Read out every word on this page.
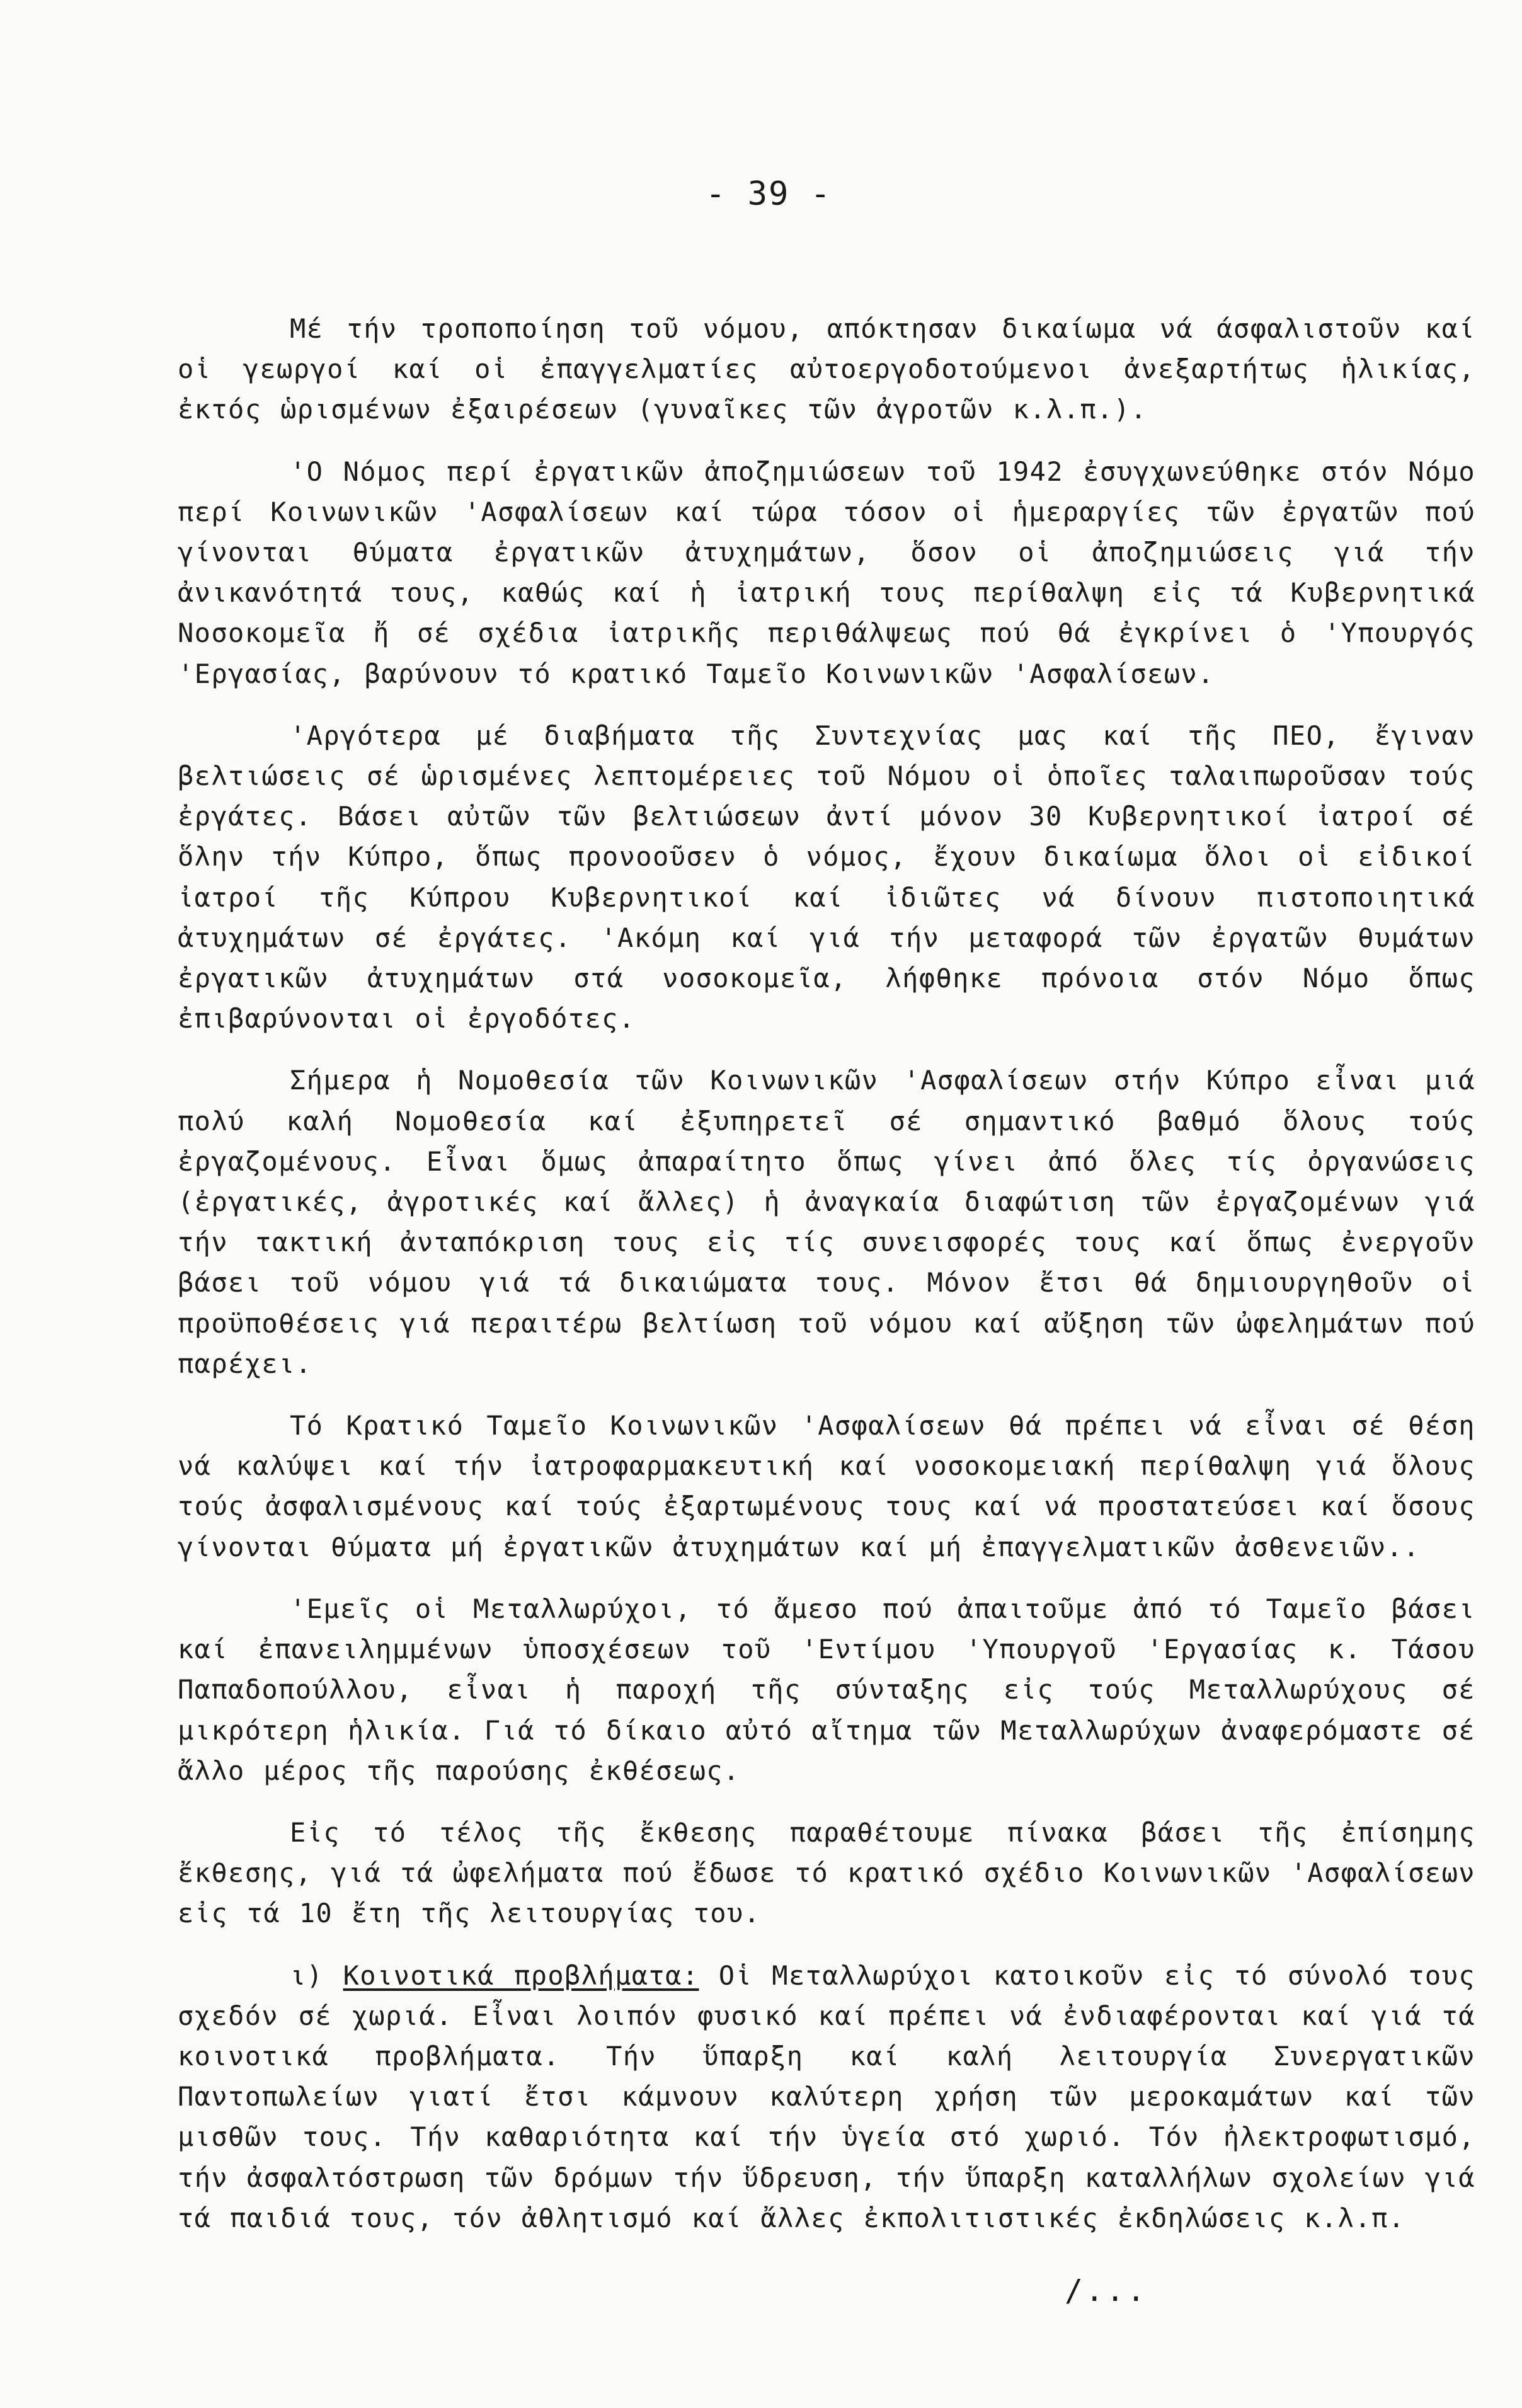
- 39 -

Μέ τήν τροποποίηση τοῦ νόμου, απόκτησαν δικαίωμα νά άσφαλιστοῦν καί οἱ γεωργοί καί οἱ ἐπαγγελματίες αὐτοεργοδοτούμενοι ἀνεξαρτήτως ἡλικίας, ἐκτός ὡρισμένων ἐξαιρέσεων (γυναῖκες τῶν ἀγροτῶν κ.λ.π.).

'Ο Νόμος περί ἐργατικῶν ἀποζημιώσεων τοῦ 1942 ἐσυγχωνεύθηκε στόν Νόμο περί Κοινωνικῶν 'Ασφαλίσεων καί τώρα τόσον οἱ ἡμεραργίες τῶν ἐργατῶν πού γίνονται θύματα ἐργατικῶν ἀτυχημάτων, ὅσον οἱ ἀποζημιώσεις γιά τήν ἀνικανότητά τους, καθώς καί ἡ ἰατρική τους περίθαλψη εἰς τά Κυβερνητικά Νοσοκομεῖα ἤ σέ σχέδια ἰατρικῆς περιθάλψεως πού θά ἐγκρίνει ὁ 'Υπουργός 'Εργασίας, βαρύνουν τό κρατικό Ταμεῖο Κοινωνικῶν 'Ασφαλίσεων.

'Αργότερα μέ διαβήματα τῆς Συντεχνίας μας καί τῆς ΠΕΟ, ἔγιναν βελτιώσεις σέ ὡρισμένες λεπτομέρειες τοῦ Νόμου οἱ ὁποῖες ταλαιπωροῦσαν τούς ἐργάτες. Βάσει αὐτῶν τῶν βελτιώσεων ἀντί μόνον 30 Κυβερνητικοί ἰατροί σέ ὅλην τήν Κύπρο, ὅπως προνοοῦσεν ὁ νόμος, ἔχουν δικαίωμα ὅλοι οἱ εἰδικοί ἰατροί τῆς Κύπρου Κυβερνητικοί καί ἰδιῶτες νά δίνουν πιστοποιητικά ἀτυχημάτων σέ ἐργάτες. 'Ακόμη καί γιά τήν μεταφορά τῶν ἐργατῶν θυμάτων ἐργατικῶν ἀτυχημάτων στά νοσοκομεῖα, λήφθηκε πρόνοια στόν Νόμο ὅπως ἐπιβαρύνονται οἱ ἐργοδότες.

Σήμερα ἡ Νομοθεσία τῶν Κοινωνικῶν 'Ασφαλίσεων στήν Κύπρο εἶναι μιά πολύ καλή Νομοθεσία καί ἐξυπηρετεῖ σέ σημαντικό βαθμό ὅλους τούς ἐργαζομένους. Εἶναι ὅμως ἀπαραίτητο ὅπως γίνει ἀπό ὅλες τίς ὀργανώσεις (ἐργατικές, ἀγροτικές καί ἄλλες) ἡ ἀναγκαία διαφώτιση τῶν ἐργαζομένων γιά τήν τακτική ἀνταπόκριση τους εἰς τίς συνεισφορές τους καί ὅπως ἐνεργοῦν βάσει τοῦ νόμου γιά τά δικαιώματα τους. Μόνον ἔτσι θά δημιουργηθοῦν οἱ προϋποθέσεις γιά περαιτέρω βελτίωση τοῦ νόμου καί αὔξηση τῶν ὠφελημάτων πού παρέχει.

Τό Κρατικό Ταμεῖο Κοινωνικῶν 'Ασφαλίσεων θά πρέπει νά εἶναι σέ θέση νά καλύψει καί τήν ἰατροφαρμακευτική καί νοσοκομειακή περίθαλψη γιά ὅλους τούς ἀσφαλισμένους καί τούς ἐξαρτωμένους τους καί νά προστατεύσει καί ὅσους γίνονται θύματα μή ἐργατικῶν ἀτυχημάτων καί μή ἐπαγγελματικῶν ἀσθενειῶν..

'Εμεῖς οἱ Μεταλλωρύχοι, τό ἄμεσο πού ἀπαιτοῦμε ἀπό τό Ταμεῖο βάσει καί ἐπανειλημμένων ὑποσχέσεων τοῦ 'Εντίμου 'Υπουργοῦ 'Εργασίας κ. Τάσου Παπαδοπούλλου, εἶναι ἡ παροχή τῆς σύνταξης εἰς τούς Μεταλλωρύχους σέ μικρότερη ἡλικία. Γιά τό δίκαιο αὐτό αἴτημα τῶν Μεταλλωρύχων ἀναφερόμαστε σέ ἄλλο μέρος τῆς παρούσης ἐκθέσεως.

Εἰς τό τέλος τῆς ἔκθεσης παραθέτουμε πίνακα βάσει τῆς ἐπίσημης ἔκθεσης, γιά τά ὠφελήματα πού ἔδωσε τό κρατικό σχέδιο Κοινωνικῶν 'Ασφαλίσεων εἰς τά 10 ἔτη τῆς λειτουργίας του.

ι) Κοινοτικά προβλήματα: Οἱ Μεταλλωρύχοι κατοικοῦν εἰς τό σύνολό τους σχεδόν σέ χωριά. Εἶναι λοιπόν φυσικό καί πρέπει νά ἐνδιαφέρονται καί γιά τά κοινοτικά προβλήματα. Τήν ὕπαρξη καί καλή λειτουργία Συνεργατικῶν Παντοπωλείων γιατί ἔτσι κάμνουν καλύτερη χρήση τῶν μεροκαμάτων καί τῶν μισθῶν τους. Τήν καθαριότητα καί τήν ὑγεία στό χωριό. Τόν ἠλεκτροφωτισμό, τήν ἀσφαλτόστρωση τῶν δρόμων τήν ὕδρευση, τήν ὕπαρξη καταλλήλων σχολείων γιά τά παιδιά τους, τόν ἀθλητισμό καί ἄλλες ἐκπολιτιστικές ἐκδηλώσεις κ.λ.π.

/...
